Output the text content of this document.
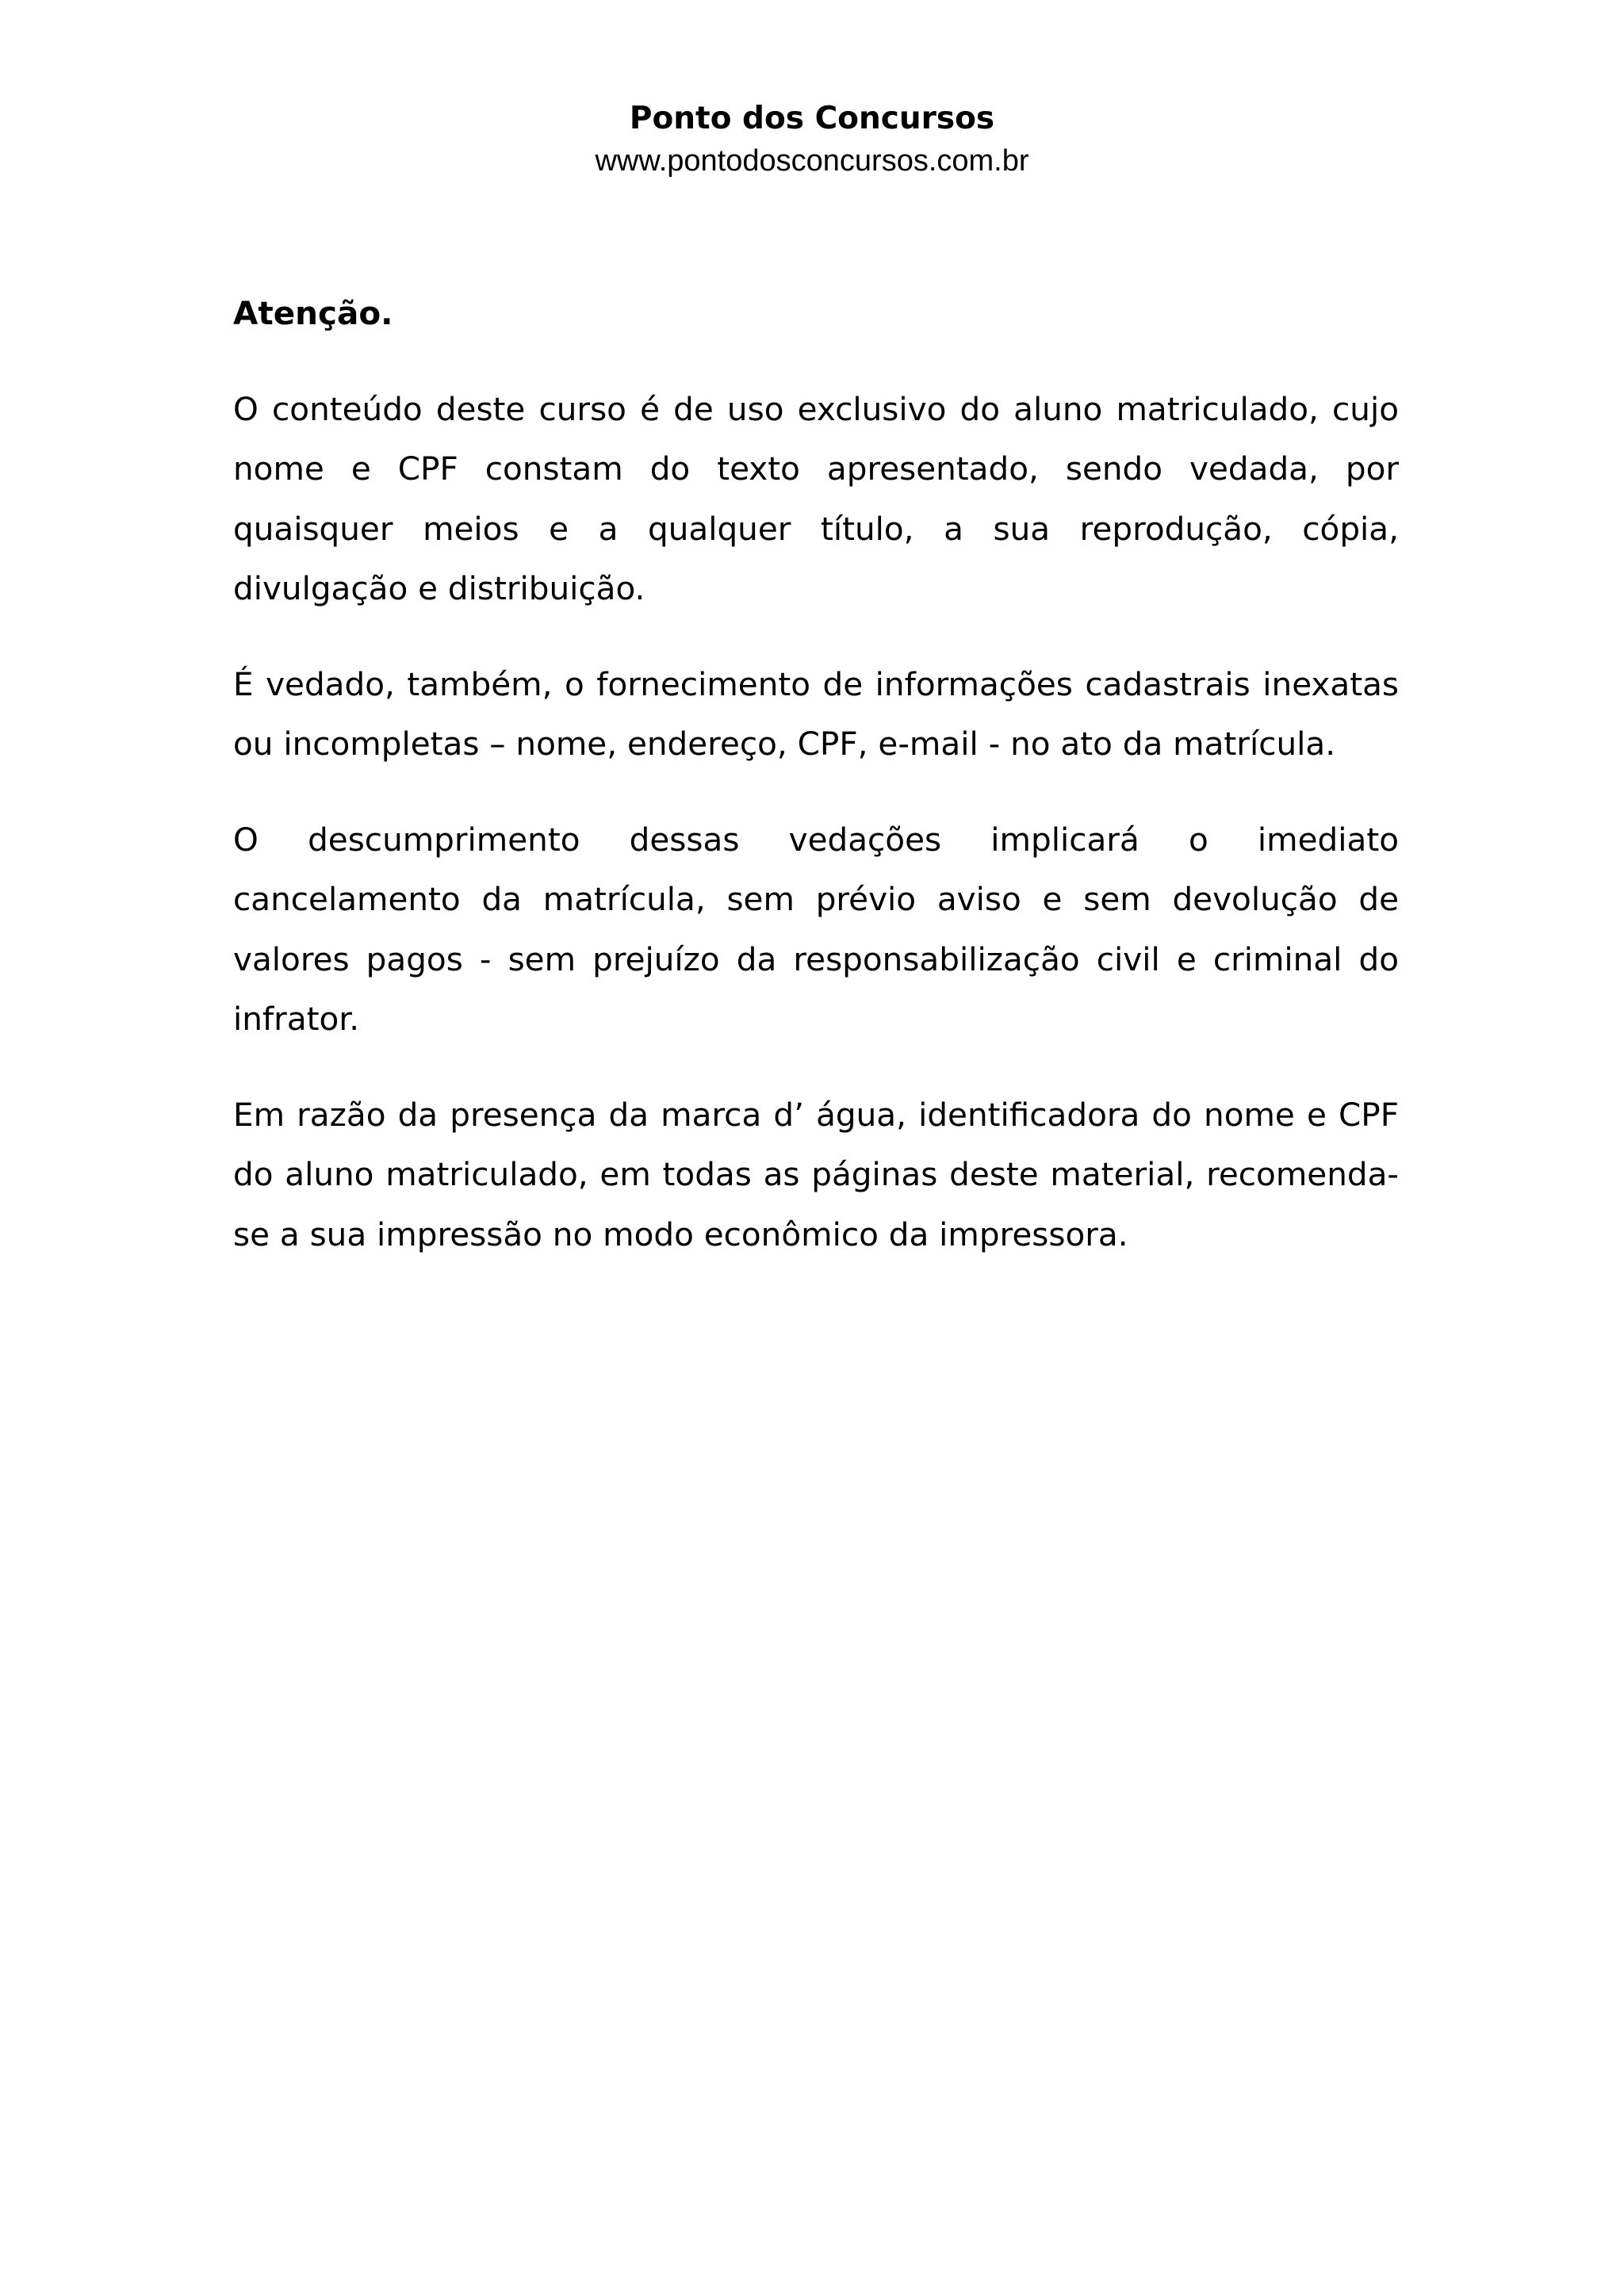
Ponto dos Concursos
www.pontodosconcursos.com.br

Atenção.

O conteúdo deste curso é de uso exclusivo do aluno matriculado, cujo nome e CPF constam do texto apresentado, sendo vedada, por quaisquer meios e a qualquer título, a sua reprodução, cópia, divulgação e distribuição.

É vedado, também, o fornecimento de informações cadastrais inexatas ou incompletas – nome, endereço, CPF, e-mail - no ato da matrícula.

O descumprimento dessas vedações implicará o imediato cancelamento da matrícula, sem prévio aviso e sem devolução de valores pagos - sem prejuízo da responsabilização civil e criminal do infrator.

Em razão da presença da marca d’ água, identificadora do nome e CPF do aluno matriculado, em todas as páginas deste material, recomenda-se a sua impressão no modo econômico da impressora.
